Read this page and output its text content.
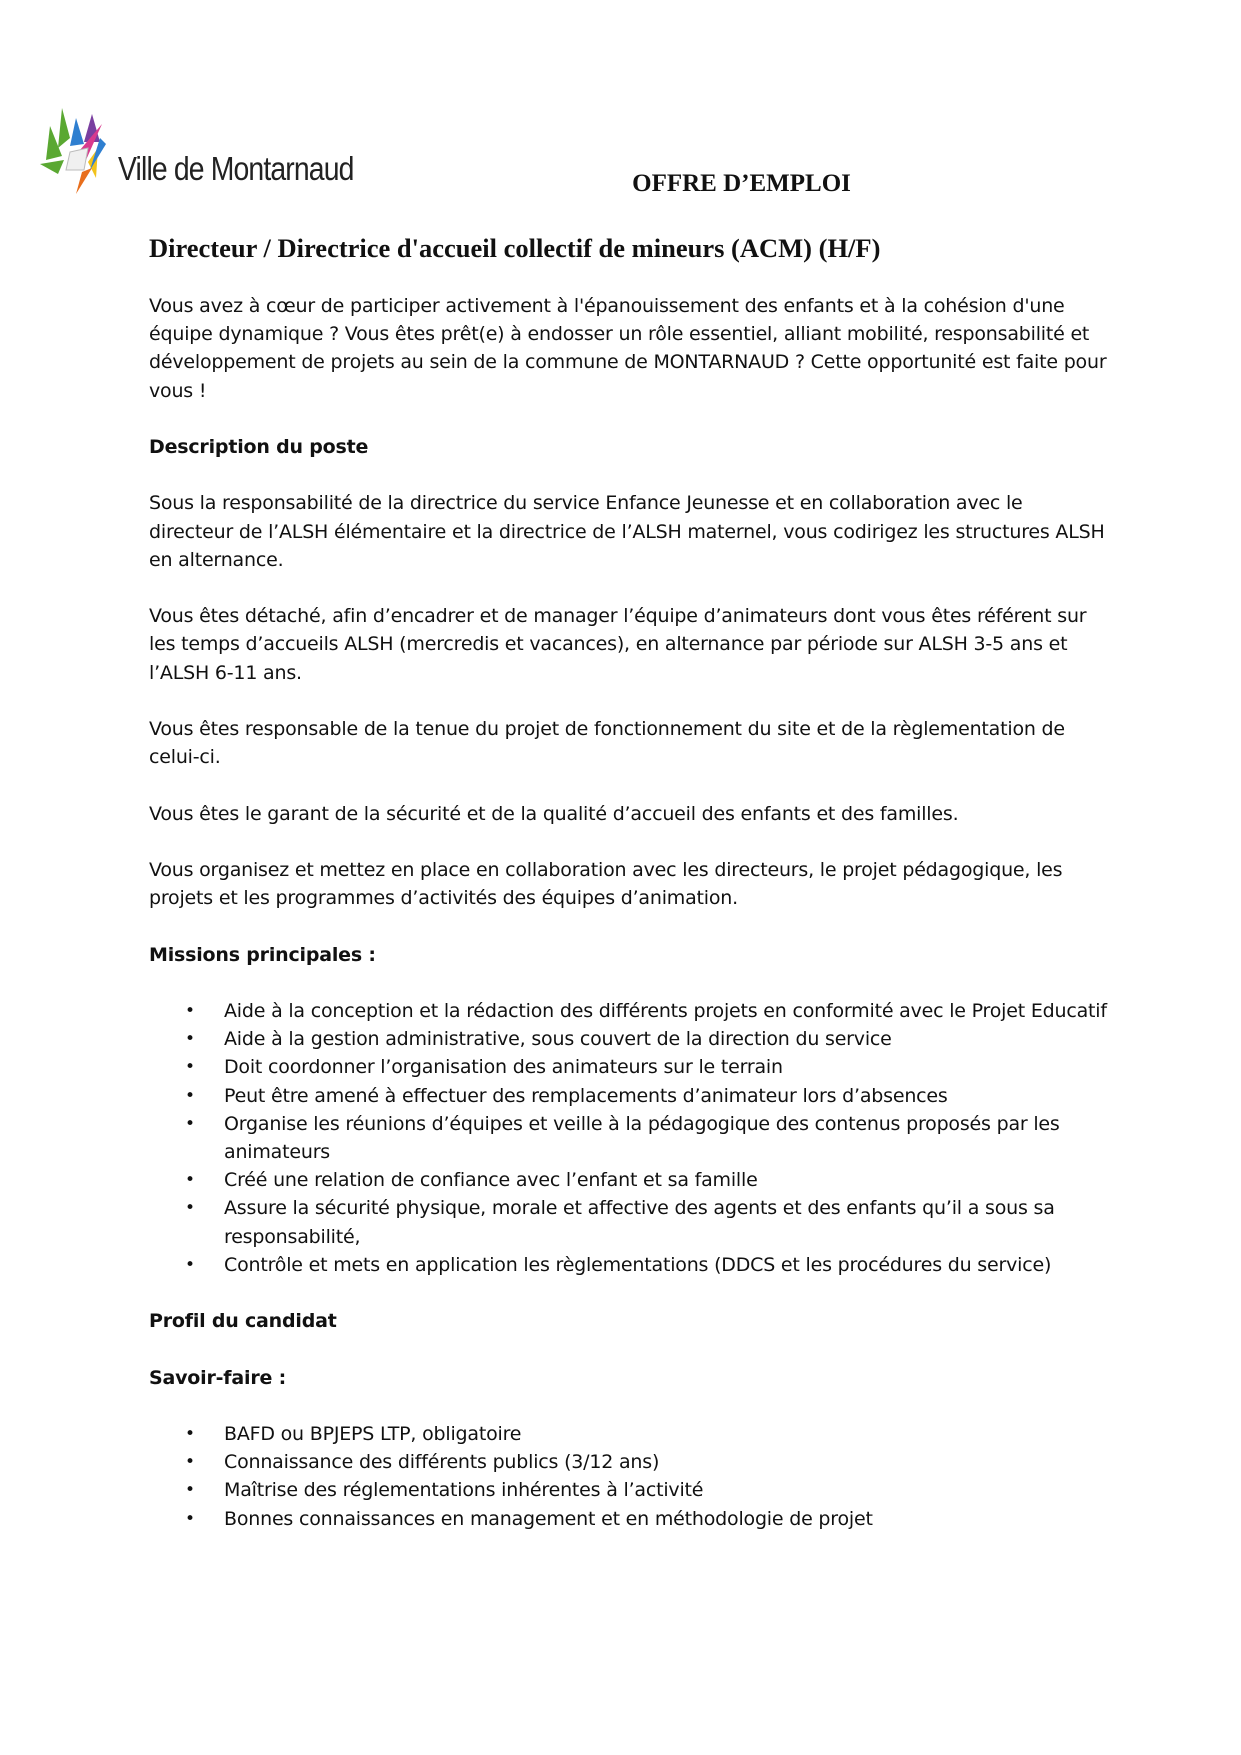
Ville de Montarnaud	OFFRE D’EMPLOI
Directeur / Directrice d'accueil collectif de mineurs (ACM) (H/F)

Vous avez à cœur de participer activement à l'épanouissement des enfants et à la cohésion d'une équipe dynamique ? Vous êtes prêt(e) à endosser un rôle essentiel, alliant mobilité, responsabilité et développement de projets au sein de la commune de MONTARNAUD ? Cette opportunité est faite pour vous !

Description du poste

Sous la responsabilité de la directrice du service Enfance Jeunesse et en collaboration avec le directeur de l’ALSH élémentaire et la directrice de l’ALSH maternel, vous codirigez les structures ALSH en alternance.

Vous êtes détaché, afin d’encadrer et de manager l’équipe d’animateurs dont vous êtes référent sur les temps d’accueils ALSH (mercredis et vacances), en alternance par période sur ALSH 3-5 ans et l’ALSH 6-11 ans.

Vous êtes responsable de la tenue du projet de fonctionnement du site et de la règlementation de celui-ci.

Vous êtes le garant de la sécurité et de la qualité d’accueil des enfants et des familles.

Vous organisez et mettez en place en collaboration avec les directeurs, le projet pédagogique, les projets et les programmes d’activités des équipes d’animation.

Missions principales :
• Aide à la conception et la rédaction des différents projets en conformité avec le Projet Educatif
• Aide à la gestion administrative, sous couvert de la direction du service
• Doit coordonner l’organisation des animateurs sur le terrain
• Peut être amené à effectuer des remplacements d’animateur lors d’absences
• Organise les réunions d’équipes et veille à la pédagogique des contenus proposés par les animateurs
• Créé une relation de confiance avec l’enfant et sa famille
• Assure la sécurité physique, morale et affective des agents et des enfants qu’il a sous sa responsabilité,
• Contrôle et mets en application les règlementations (DDCS et les procédures du service)
Profil du candidat
Savoir-faire :
• BAFD ou BPJEPS LTP, obligatoire
• Connaissance des différents publics (3/12 ans)
• Maîtrise des réglementations inhérentes à l’activité
• Bonnes connaissances en management et en méthodologie de projet
